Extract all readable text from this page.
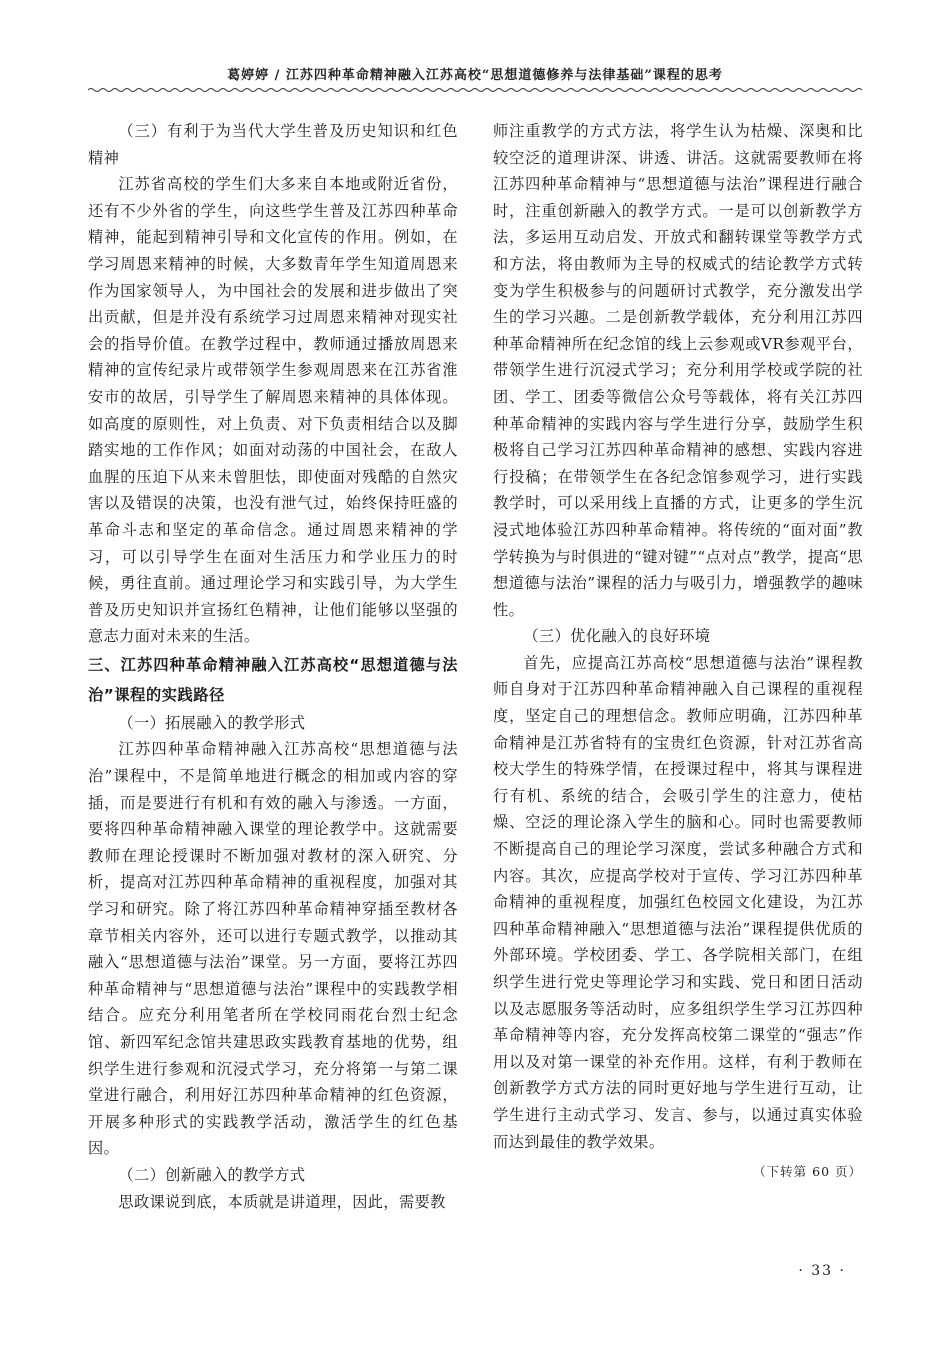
葛婷婷 / 江苏四种革命精神融入江苏高校“思想道德修养与法律基础”课程的思考
（三）有利于为当代大学生普及历史知识和红色精神

江苏省高校的学生们大多来自本地或附近省份，还有不少外省的学生，向这些学生普及江苏四种革命精神，能起到精神引导和文化宣传的作用。例如，在学习周恩来精神的时候，大多数青年学生知道周恩来作为国家领导人，为中国社会的发展和进步做出了突出贡献，但是并没有系统学习过周恩来精神对现实社会的指导价值。在教学过程中，教师通过播放周恩来精神的宣传纪录片或带领学生参观周恩来在江苏省淮安市的故居，引导学生了解周恩来精神的具体体现。如高度的原则性，对上负责、对下负责相结合以及脚踏实地的工作作风；如面对动荡的中国社会，在敌人血腥的压迫下从来未曾胆怯，即使面对残酷的自然灾害以及错误的决策，也没有泄气过，始终保持旺盛的革命斗志和坚定的革命信念。通过周恩来精神的学习，可以引导学生在面对生活压力和学业压力的时候，勇往直前。通过理论学习和实践引导，为大学生普及历史知识并宣扬红色精神，让他们能够以坚强的意志力面对未来的生活。

三、江苏四种革命精神融入江苏高校“思想道德与法治”课程的实践路径
（一）拓展融入的教学形式

江苏四种革命精神融入江苏高校“思想道德与法治”课程中，不是简单地进行概念的相加或内容的穿插，而是要进行有机和有效的融入与渗透。一方面，要将四种革命精神融入课堂的理论教学中。这就需要教师在理论授课时不断加强对教材的深入研究、分析，提高对江苏四种革命精神的重视程度，加强对其学习和研究。除了将江苏四种革命精神穿插至教材各章节相关内容外，还可以进行专题式教学，以推动其融入“思想道德与法治”课堂。另一方面，要将江苏四种革命精神与“思想道德与法治”课程中的实践教学相结合。应充分利用笔者所在学校同雨花台烈士纪念馆、新四军纪念馆共建思政实践教育基地的优势，组织学生进行参观和沉浸式学习，充分将第一与第二课堂进行融合，利用好江苏四种革命精神的红色资源，开展多种形式的实践教学活动，激活学生的红色基因。

（二）创新融入的教学方式

思政课说到底，本质就是讲道理，因此，需要教

师注重教学的方式方法，将学生认为枯燥、深奥和比较空泛的道理讲深、讲透、讲活。这就需要教师在将江苏四种革命精神与“思想道德与法治”课程进行融合时，注重创新融入的教学方式。一是可以创新教学方法，多运用互动启发、开放式和翻转课堂等教学方式和方法，将由教师为主导的权威式的结论教学方式转变为学生积极参与的问题研讨式教学，充分激发出学生的学习兴趣。二是创新教学载体，充分利用江苏四种革命精神所在纪念馆的线上云参观或VR参观平台，带领学生进行沉浸式学习；充分利用学校或学院的社团、学工、团委等微信公众号等载体，将有关江苏四种革命精神的实践内容与学生进行分享，鼓励学生积极将自己学习江苏四种革命精神的感想、实践内容进行投稿；在带领学生在各纪念馆参观学习，进行实践教学时，可以采用线上直播的方式，让更多的学生沉浸式地体验江苏四种革命精神。将传统的“面对面”教学转换为与时俱进的“键对键”“点对点”教学，提高“思想道德与法治”课程的活力与吸引力，增强教学的趣味性。

（三）优化融入的良好环境

首先，应提高江苏高校“思想道德与法治”课程教师自身对于江苏四种革命精神融入自己课程的重视程度，坚定自己的理想信念。教师应明确，江苏四种革命精神是江苏省特有的宝贵红色资源，针对江苏省高校大学生的特殊学情，在授课过程中，将其与课程进行有机、系统的结合，会吸引学生的注意力，使枯燥、空泛的理论涤入学生的脑和心。同时也需要教师不断提高自己的理论学习深度，尝试多种融合方式和内容。其次，应提高学校对于宣传、学习江苏四种革命精神的重视程度，加强红色校园文化建设，为江苏四种革命精神融入“思想道德与法治”课程提供优质的外部环境。学校团委、学工、各学院相关部门，在组织学生进行党史等理论学习和实践、党日和团日活动以及志愿服务等活动时，应多组织学生学习江苏四种革命精神等内容，充分发挥高校第二课堂的“强志”作用以及对第一课堂的补充作用。这样，有利于教师在创新教学方式方法的同时更好地与学生进行互动，让学生进行主动式学习、发言、参与，以通过真实体验而达到最佳的教学效果。

（下转第 60 页）
· 33 ·
